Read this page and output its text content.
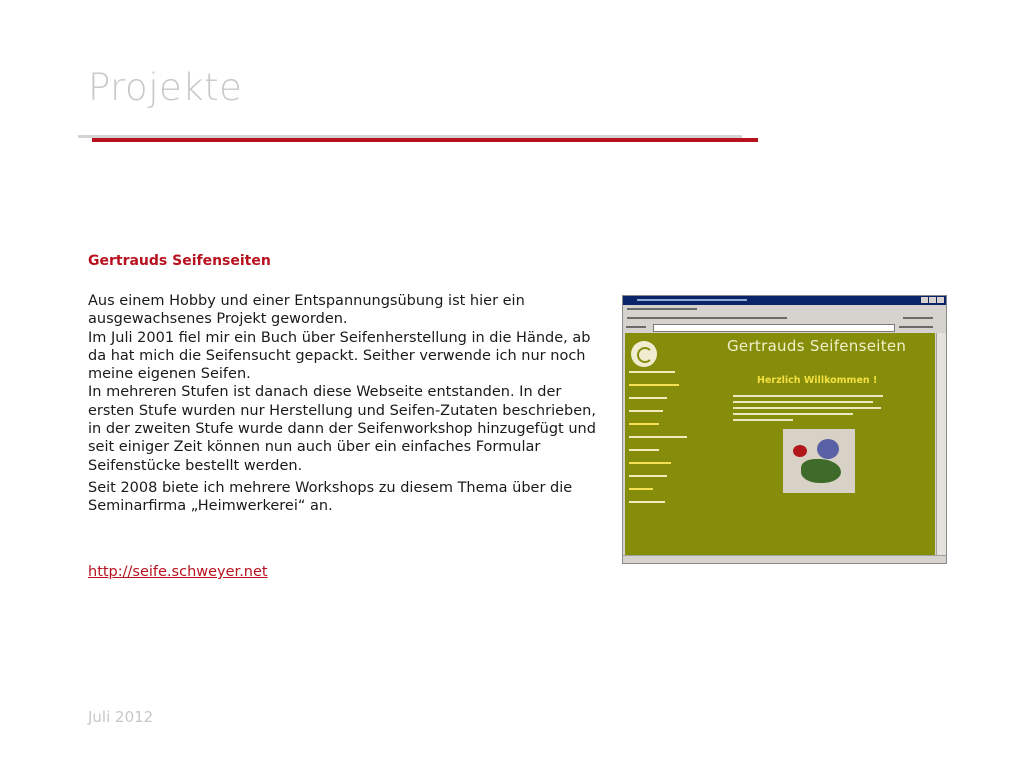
Projekte
Gertrauds Seifenseiten

Aus einem Hobby und einer Entspannungsübung ist hier ein ausgewachsenes Projekt geworden.
Im Juli 2001 fiel mir ein Buch über Seifenherstellung in die Hände, ab da hat mich die Seifensucht gepackt. Seither verwende ich nur noch meine eigenen Seifen.
In mehreren Stufen ist danach diese Webseite entstanden. In der ersten Stufe wurden nur Herstellung und Seifen-Zutaten beschrieben, in der zweiten Stufe wurde dann der Seifenworkshop hinzugefügt und seit einiger Zeit können nun auch über ein einfaches Formular Seifenstücke bestellt werden.

Seit 2008 biete ich mehrere Workshops zu diesem Thema über die Seminarfirma „Heimwerkerei“ an.

http://seife.schweyer.net
Juli 2012
Gertrauds Seifenseiten
Herzlich Willkommen !
